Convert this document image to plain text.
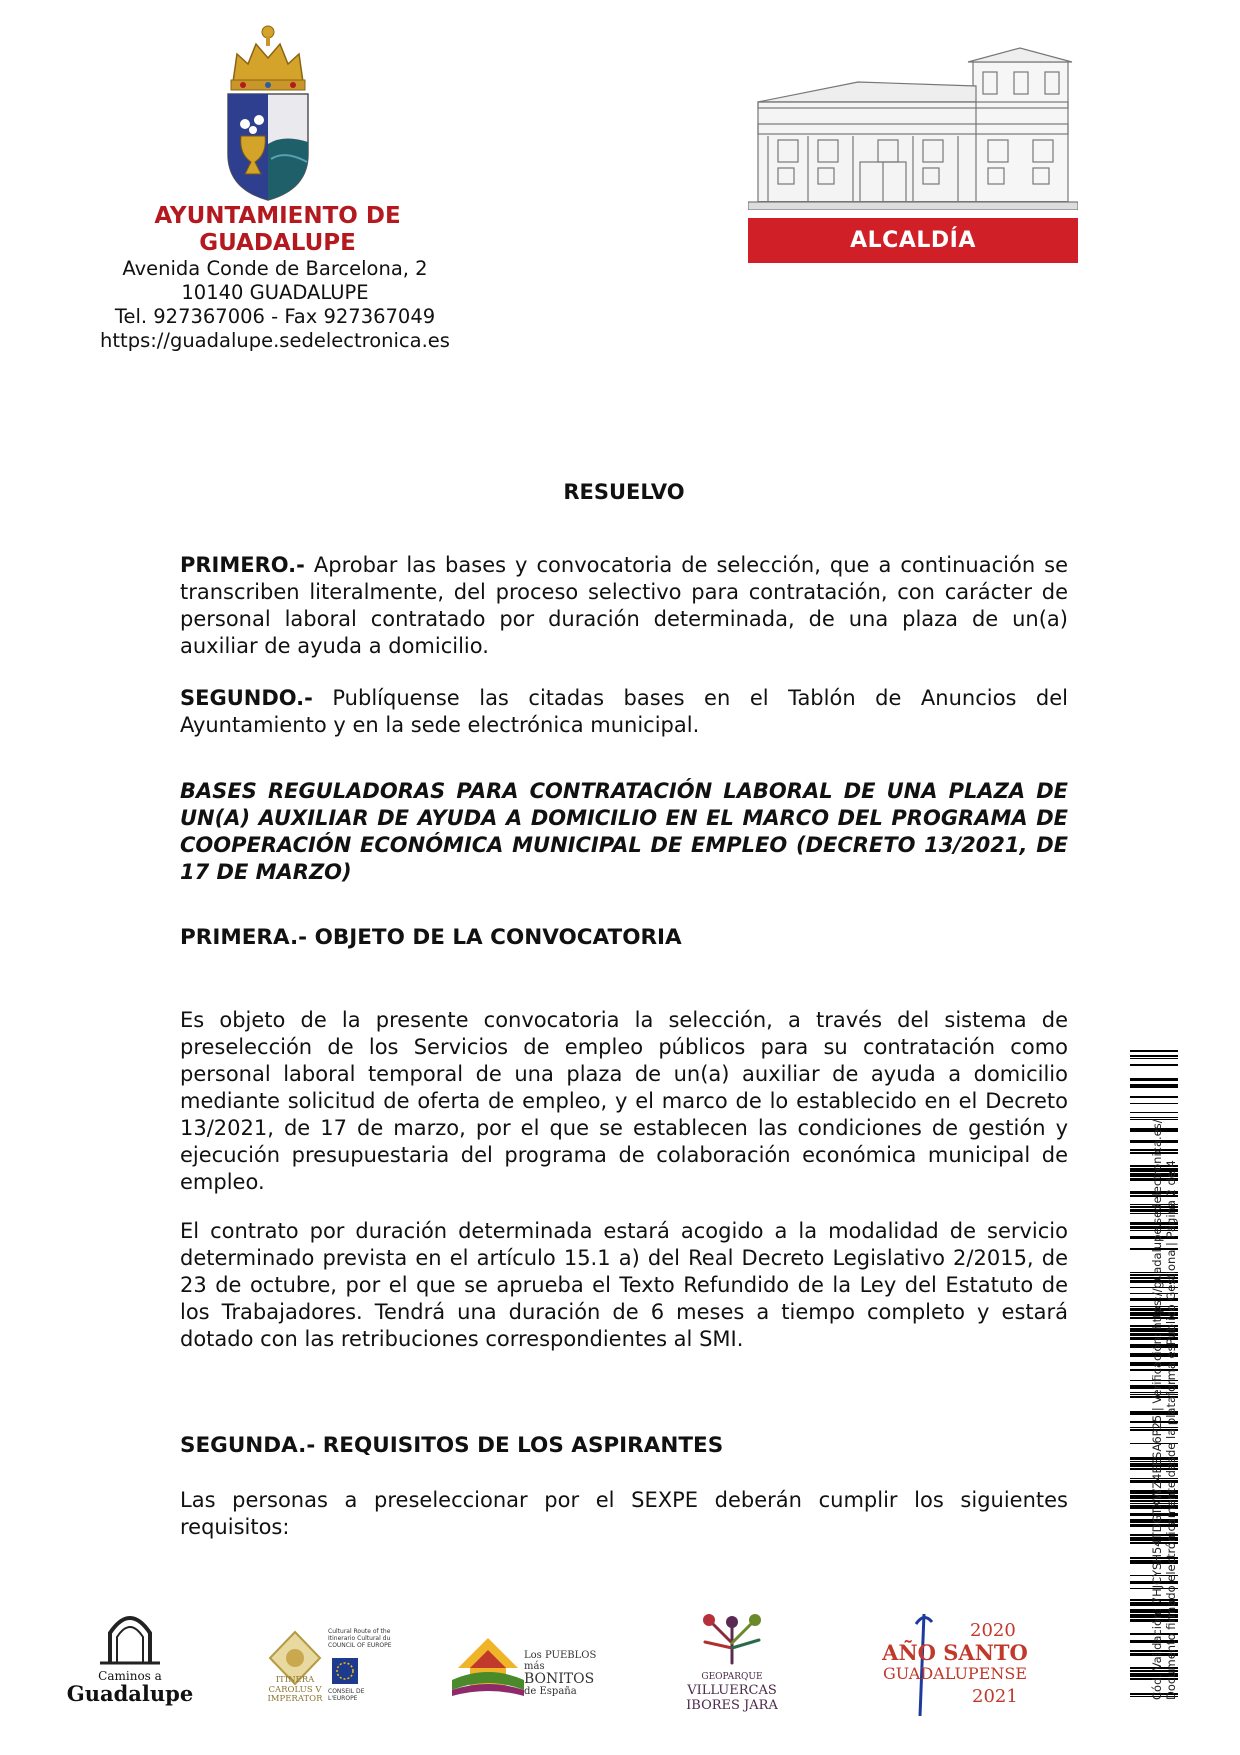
AYUNTAMIENTO DE GUADALUPE
Avenida Conde de Barcelona, 2
10140 GUADALUPE
Tel. 927367006 - Fax 927367049
https://guadalupe.sedelectronica.es
ALCALDÍA
RESUELVO
PRIMERO.- Aprobar las bases y convocatoria de selección, que a continuación se transcriben literalmente, del proceso selectivo para contratación, con carácter de personal laboral contratado por duración determinada, de una plaza de un(a) auxiliar de ayuda a domicilio.
SEGUNDO.- Publíquense las citadas bases en el Tablón de Anuncios del Ayuntamiento y en la sede electrónica municipal.
BASES REGULADORAS PARA CONTRATACIÓN LABORAL DE UNA PLAZA DE UN(A) AUXILIAR DE AYUDA A DOMICILIO EN EL MARCO DEL PROGRAMA DE COOPERACIÓN ECONÓMICA MUNICIPAL DE EMPLEO (DECRETO 13/2021, DE 17 DE MARZO)
PRIMERA.- OBJETO DE LA CONVOCATORIA
Es objeto de la presente convocatoria la selección, a través del sistema de preselección de los Servicios de empleo públicos para su contratación como personal laboral temporal de una plaza de un(a) auxiliar de ayuda a domicilio mediante solicitud de oferta de empleo, y el marco de lo establecido en el Decreto 13/2021, de 17 de marzo, por el que se establecen las condiciones de gestión y ejecución presupuestaria del programa de colaboración económica municipal de empleo.
El contrato por duración determinada estará acogido a la modalidad de servicio determinado prevista en el artículo 15.1 a) del Real Decreto Legislativo 2/2015, de 23 de octubre, por el que se aprueba el Texto Refundido de la Ley del Estatuto de los Trabajadores. Tendrá una duración de 6 meses a tiempo completo y estará dotado con las retribuciones correspondientes al SMI.
SEGUNDA.- REQUISITOS DE LOS ASPIRANTES
Las personas a preseleccionar por el SEXPE deberán cumplir los siguientes requisitos:	Cód. Validación: 7HJCYSH54TDGTXWZ4EESA6P25 | Verificación: https://guadalupe.sedelectronica.es/ Documento firmado electrónicamente desde la plataforma esPublico Gestiona | Página 2 de 4
Caminos a
Guadalupe
ITINERA
CAROLUS V
IMPERATOR
Cultural Route of the
Itinerario Cultural du
COUNCIL OF EUROPE
CONSEIL DE L'EUROPE
Los PUEBLOS más
BONITOS
de España
GEOPARQUE
VILLUERCAS
IBORES JARA
2020
AÑO SANTO
GUADALUPENSE
2021
